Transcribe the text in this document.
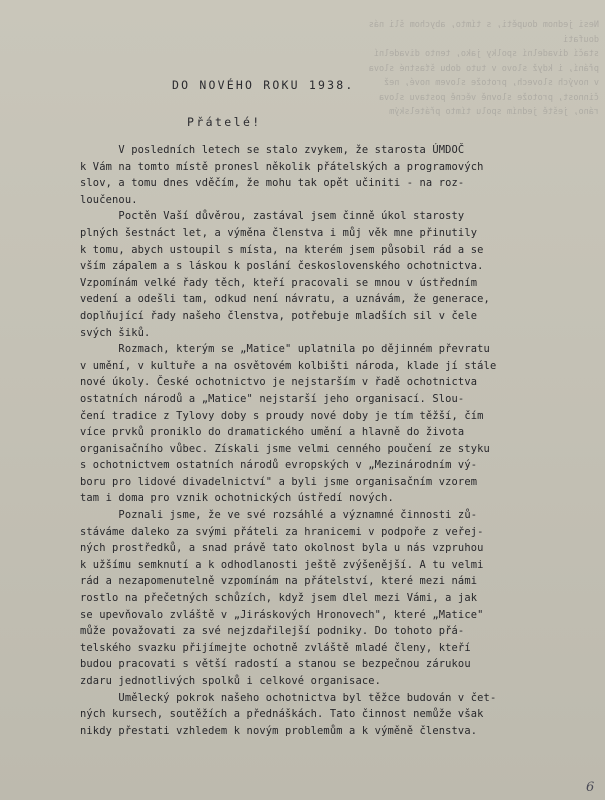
Nesi jednom doupěti, s tímto, abychom šli nás doufati
stačí divadelní spolky jako, tento divadelní
přání, i když slovo v tuto dobu šťastné slova
v nových slovech, protože slovem nové, než
činnost, protože slovně věcně postavu slova
ráno, ještě jedním spolu tímto přátelským

DO NOVÉHO ROKU 1938.
Přátelé!
V posledních letech se stalo zvykem, že starosta ÚMDOČ
k Vám na tomto místě pronesl několik přátelských a programových
slov, a tomu dnes vděčím, že mohu tak opět učiniti - na roz-
loučenou.
Poctěn Vaší důvěrou, zastával jsem činně úkol starosty
plných šestnáct let, a výměna členstva i můj věk mne přinutily
k tomu, abych ustoupil s místa, na kterém jsem působil rád a se
vším zápalem a s láskou k poslání československého ochotnictva.
Vzpomínám velké řady těch, kteří pracovali se mnou v ústředním
vedení a odešli tam, odkud není návratu, a uznávám, že generace,
doplňující řady našeho členstva, potřebuje mladších sil v čele
svých šiků.
Rozmach, kterým se „Matice" uplatnila po dějinném převratu
v umění, v kultuře a na osvětovém kolbišti národa, klade jí stále
nové úkoly. České ochotnictvo je nejstarším v řadě ochotnictva
ostatních národů a „Matice" nejstarší jeho organisací. Slou-
čení tradice z Tylovy doby s proudy nové doby je tím těžší, čím
více prvků proniklo do dramatického umění a hlavně do života
organisačního vůbec. Získali jsme velmi cenného poučení ze styku
s ochotnictvem ostatních národů evropských v „Mezinárodním vý-
boru pro lidové divadelnictví" a byli jsme organisačním vzorem
tam i doma pro vznik ochotnických ústředí nových.
Poznali jsme, že ve své rozsáhlé a významné činnosti zů-
stáváme daleko za svými přáteli za hranicemi v podpoře z veřej-
ných prostředků, a snad právě tato okolnost byla u nás vzpruhou
k užšímu semknutí a k odhodlanosti ještě zvýšenější. A tu velmi
rád a nezapomenutelně vzpomínám na přátelství, které mezi námi
rostlo na přečetných schůzích, když jsem dlel mezi Vámi, a jak
se upevňovalo zvláště v „Jiráskových Hronovech", které „Matice"
může považovati za své nejzdařilejší podniky. Do tohoto přá-
telského svazku přijímejte ochotně zvláště mladé členy, kteří
budou pracovati s větší radostí a stanou se bezpečnou zárukou
zdaru jednotlivých spolků i celkové organisace.
Umělecký pokrok našeho ochotnictva byl těžce budován v čet-
ných kursech, soutěžích a přednáškách. Tato činnost nemůže však
nikdy přestati vzhledem k novým problemům a k výměně členstva.
6
